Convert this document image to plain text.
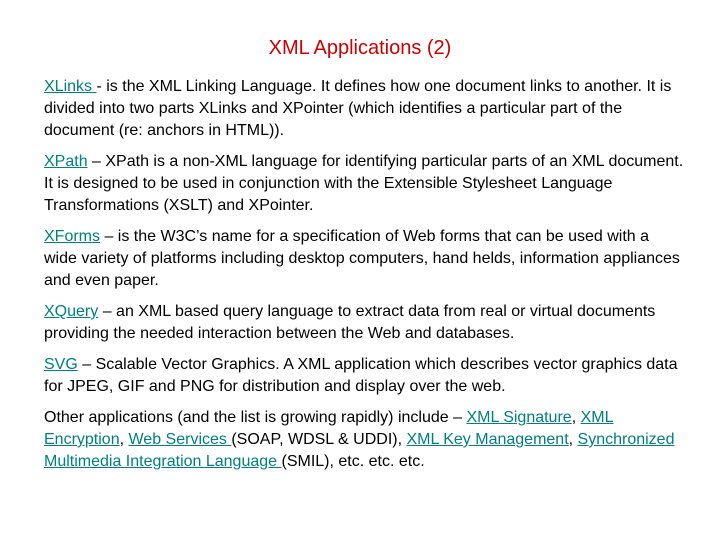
XML Applications (2)

XLinks - is the XML Linking Language. It defines how one document links to another. It is divided into two parts XLinks and XPointer (which identifies a particular part of the document (re: anchors in HTML)).

XPath – XPath is a non-XML language for identifying particular parts of an XML document. It is designed to be used in conjunction with the Extensible Stylesheet Language Transformations (XSLT) and XPointer.

XForms – is the W3C’s name for a specification of Web forms that can be used with a wide variety of platforms including desktop computers, hand helds, information appliances and even paper.

XQuery – an XML based query language to extract data from real or virtual documents providing the needed interaction between the Web and databases.

SVG – Scalable Vector Graphics. A XML application which describes vector graphics data for JPEG, GIF and PNG for distribution and display over the web.

Other applications (and the list is growing rapidly) include – XML Signature, XML Encryption, Web Services (SOAP, WDSL & UDDI), XML Key Management, Synchronized Multimedia Integration Language (SMIL), etc. etc. etc.
